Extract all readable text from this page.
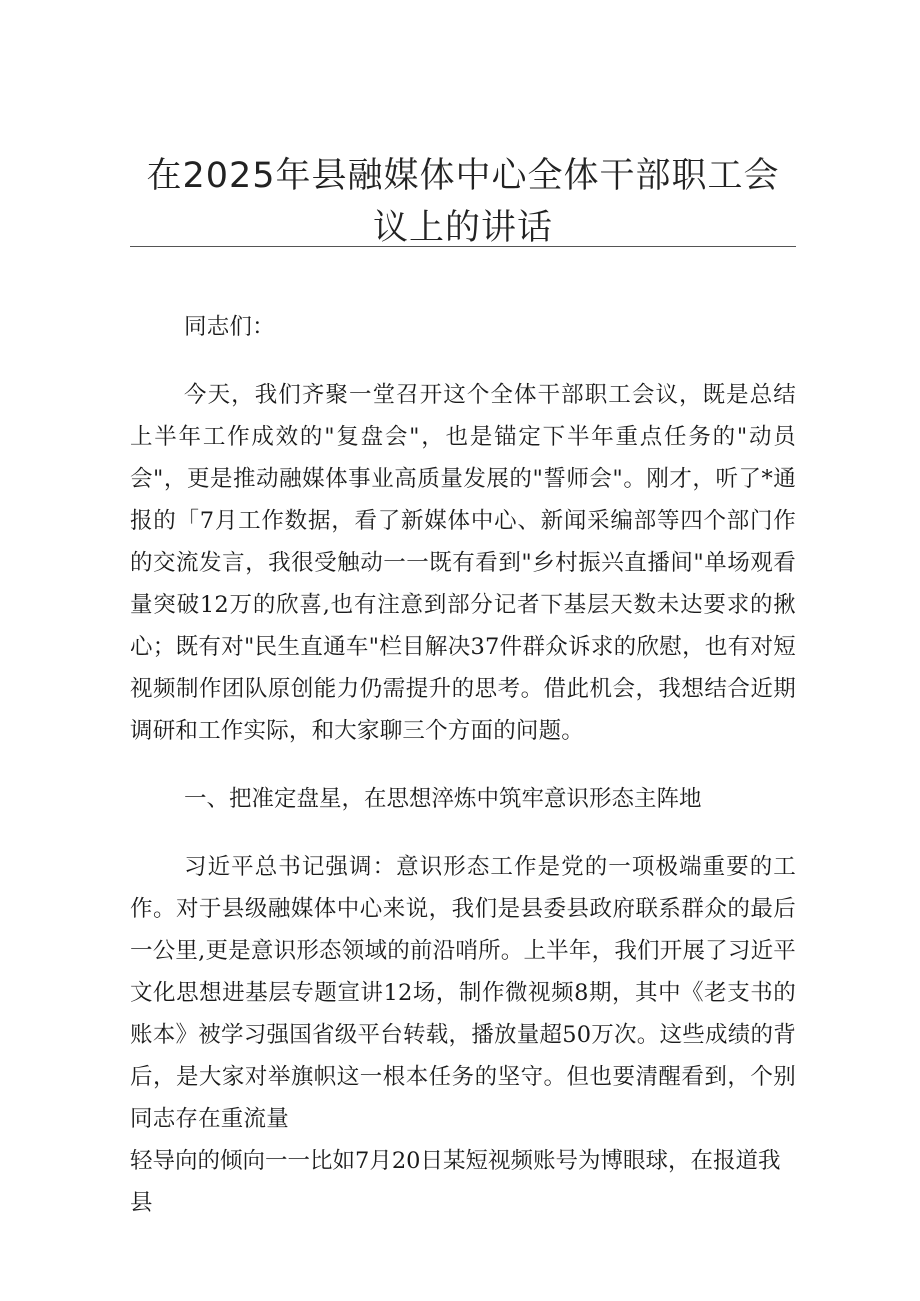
在2025年县融媒体中心全体干部职工会议上的讲话

同志们：

今天，我们齐聚一堂召开这个全体干部职工会议，既是总结上半年工作成效的"复盘会"，也是锚定下半年重点任务的"动员会"，更是推动融媒体事业高质量发展的"誓师会"。刚才，听了*通报的「7月工作数据，看了新媒体中心、新闻采编部等四个部门作的交流发言，我很受触动一一既有看到"乡村振兴直播间"单场观看量突破12万的欣喜,也有注意到部分记者下基层天数未达要求的揪心；既有对"民生直通车"栏目解决37件群众诉求的欣慰，也有对短视频制作团队原创能力仍需提升的思考。借此机会，我想结合近期调研和工作实际，和大家聊三个方面的问题。

一、把准定盘星，在思想淬炼中筑牢意识形态主阵地

习近平总书记强调：意识形态工作是党的一项极端重要的工作。对于县级融媒体中心来说，我们是县委县政府联系群众的最后一公里,更是意识形态领域的前沿哨所。上半年，我们开展了习近平文化思想进基层专题宣讲12场，制作微视频8期，其中《老支书的账本》被学习强国省级平台转载，播放量超50万次。这些成绩的背后，是大家对举旗帜这一根本任务的坚守。但也要清醒看到，个别同志存在重流量

轻导向的倾向一一比如7月20日某短视频账号为博眼球，在报道我县
